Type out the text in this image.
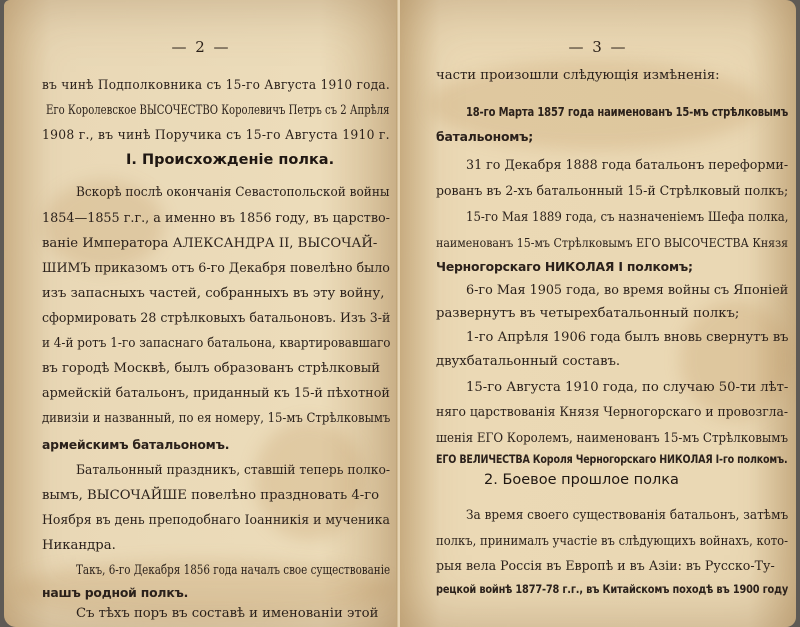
— 2 —
въ чинѣ Подполковника съ 15-го Августа 1910 года.
Его Королевское ВЫСОЧЕСТВО Королевичъ Петръ съ 2 Апрѣля
1908 г., въ чинѣ Поручика съ 15-го Августа 1910 г.
I. Происхожденіе полка.
Вскорѣ послѣ окончанія Севастопольской войны
1854—1855 г.г., а именно въ 1856 году, въ царство-
ваніе Императора АЛЕКСАНДРА II, ВЫСОЧАЙ-
ШИМЪ приказомъ отъ 6-го Декабря повелѣно было
изъ запасныхъ частей, собранныхъ въ эту войну,
сформировать 28 стрѣлковыхъ батальоновъ. Изъ 3-й
и 4-й ротъ 1-го запаснаго батальона, квартировавшаго
въ городѣ Москвѣ, былъ образованъ стрѣлковый
армейскій батальонъ, приданный къ 15-й пѣхотной
дивизіи и названный, по ея номеру, 15-мъ Стрѣлковымъ
армейскимъ батальономъ.
Батальонный праздникъ, ставшій теперь полко-
вымъ, ВЫСОЧАЙШЕ повелѣно праздновать 4-го
Ноября въ день преподобнаго Іоанникія и мученика
Никандра.
Такъ, 6-го Декабря 1856 года началъ свое существованіе
нашъ родной полкъ.
Съ тѣхъ поръ въ составѣ и именованіи этой
— 3 —
части произошли слѣдующія измѣненія:
18-го Марта 1857 года наименованъ 15-мъ стрѣлковымъ
батальономъ;
31 го Декабря 1888 года батальонъ переформи-
рованъ въ 2-хъ батальонный 15-й Стрѣлковый полкъ;
15-го Мая 1889 года, съ назначеніемъ Шефа полка,
наименованъ 15-мъ Стрѣлковымъ ЕГО ВЫСОЧЕСТВА Князя
Черногорскаго НИКОЛАЯ I полкомъ;
6-го Мая 1905 года, во время войны съ Японіей
развернутъ въ четырехбатальонный полкъ;
1-го Апрѣля 1906 года былъ вновь свернутъ въ
двухбатальонный составъ.
15-го Августа 1910 года, по случаю 50-ти лѣт-
няго царствованія Князя Черногорскаго и провозгла-
шенія ЕГО Королемъ, наименованъ 15-мъ Стрѣлковымъ
ЕГО ВЕЛИЧЕСТВА Короля Черногорскаго НИКОЛАЯ I-го полкомъ.
2. Боевое прошлое полка
За время своего существованія батальонъ, затѣмъ
полкъ, принималъ участіе въ слѣдующихъ войнахъ, кото-
рыя вела Россія въ Европѣ и въ Азіи: въ Русско-Ту-
рецкой войнѣ 1877-78 г.г., въ Китайскомъ походѣ въ 1900 году
